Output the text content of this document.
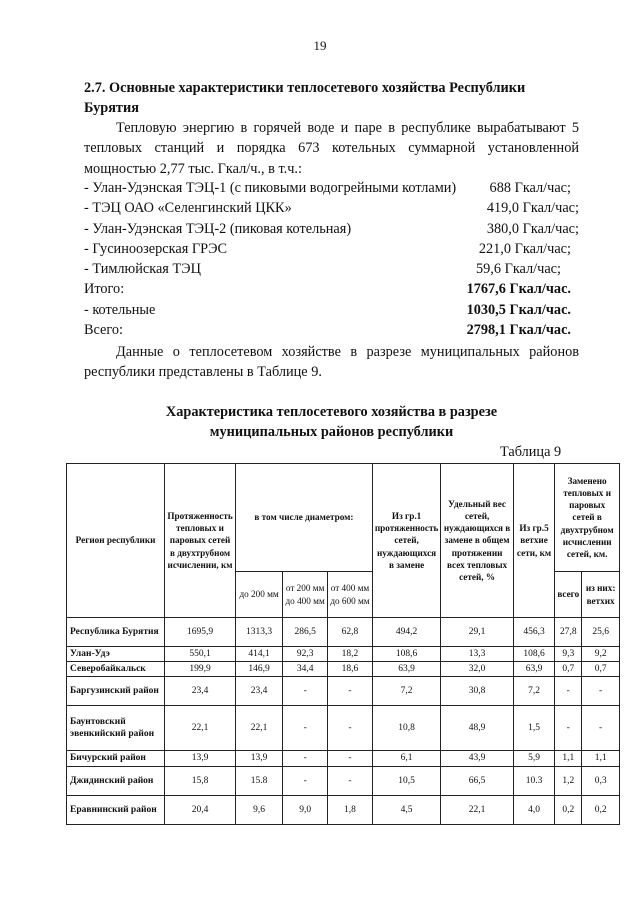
19
2.7. Основные характеристики теплосетевого хозяйства Республики Бурятия
Тепловую энергию в горячей воде и паре в республике вырабатывают 5 тепловых станций и порядка 673 котельных суммарной установленной мощностью 2,77 тыс. Гкал/ч., в т.ч.:
- Улан-Удэнская ТЭЦ-1 (с пиковыми водогрейными котлами) 688 Гкал/час;
- ТЭЦ ОАО «Селенгинский ЦКК»	419,0 Гкал/час;
- Улан-Удэнская ТЭЦ-2 (пиковая котельная)	380,0 Гкал/час;
- Гусиноозерская ГРЭС	221,0 Гкал/час;
- Тимлюйская ТЭЦ	59,6 Гкал/час;
Итого:	1767,6 Гкал/час.
- котельные	1030,5 Гкал/час.
Всего:	2798,1 Гкал/час.
Данные о теплосетевом хозяйстве в разрезе муниципальных районов республики представлены в Таблице 9.
Характеристика теплосетевого хозяйства в разрезе
муниципальных районов республики
Таблица 9
Регион республики	Протяженность тепловых и паровых сетей в двухтрубном исчислении, км	в том числе диаметром:			Из гр.1 протяженность сетей, нуждающихся в замене	Удельный вес сетей, нуждающихся в замене в общем протяжении всех тепловых сетей, %	Из гр.5 ветхие сети, км	Заменено тепловых и паровых сетей в двухтрубном исчислении сетей, км.	
		до 200 мм	от 200 мм до 400 мм	от 400 мм до 600 мм				всего	из них: ветхих
Республика Бурятия	1695,9	1313,3	286,5	62,8	494,2	29,1	456,3	27,8	25,6
Улан-Удэ	550,1	414,1	92,3	18,2	108,6	13,3	108,6	9,3	9,2
Северобайкальск	199,9	146,9	34,4	18,6	63,9	32,0	63,9	0,7	0,7
Баргузинский район	23,4	23,4	-	-	7,2	30,8	7,2	-	-
Баунтовский эвенкийский район	22,1	22,1	-	-	10,8	48,9	1,5	-	-
Бичурский район	13,9	13,9	-	-	6,1	43,9	5,9	1,1	1,1
Джидинский район	15,8	15.8	-	-	10,5	66,5	10.3	1,2	0,3
Еравнинский район	20,4	9,6	9,0	1,8	4,5	22,1	4,0	0,2	0,2
